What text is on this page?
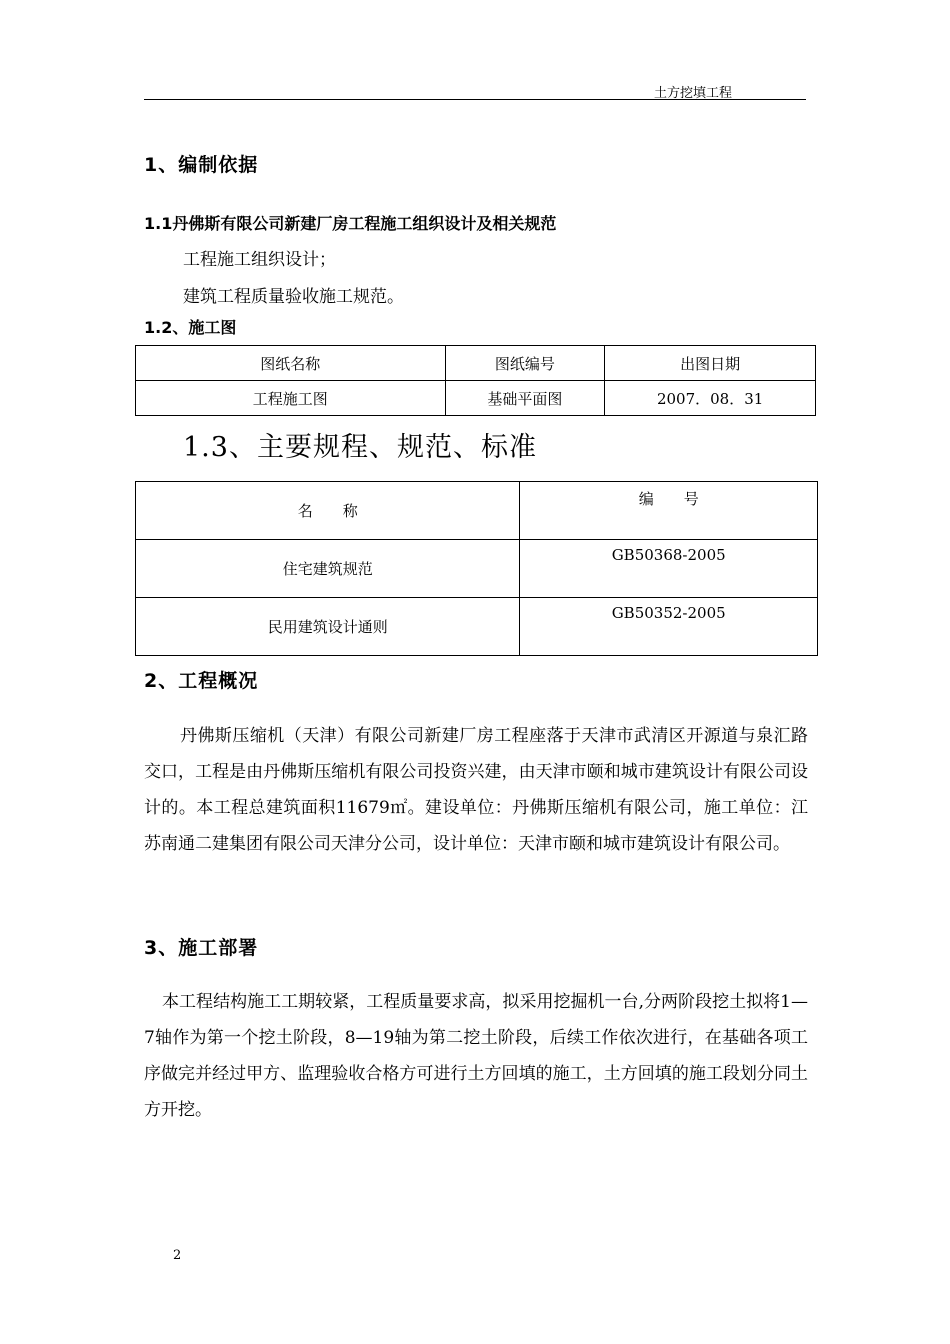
土方挖填工程
1、编制依据
1.1丹佛斯有限公司新建厂房工程施工组织设计及相关规范
工程施工组织设计；
建筑工程质量验收施工规范。
1.2、施工图
图纸名称	图纸编号	出图日期
工程施工图	基础平面图	2007．08．31
1.3、主要规程、规范、标准
名　　称	编　　号
住宅建筑规范	GB50368-2005
民用建筑设计通则	GB50352-2005
2、工程概况
丹佛斯压缩机（天津）有限公司新建厂房工程座落于天津市武清区开源道与泉汇路交口，工程是由丹佛斯压缩机有限公司投资兴建，由天津市颐和城市建筑设计有限公司设计的。本工程总建筑面积11679㎡。建设单位：丹佛斯压缩机有限公司，施工单位：江苏南通二建集团有限公司天津分公司，设计单位：天津市颐和城市建筑设计有限公司。
3、施工部署
本工程结构施工工期较紧，工程质量要求高，拟采用挖掘机一台,分两阶段挖土拟将1—7轴作为第一个挖土阶段，8—19轴为第二挖土阶段，后续工作依次进行，在基础各项工序做完并经过甲方、监理验收合格方可进行土方回填的施工，土方回填的施工段划分同土方开挖。
2
